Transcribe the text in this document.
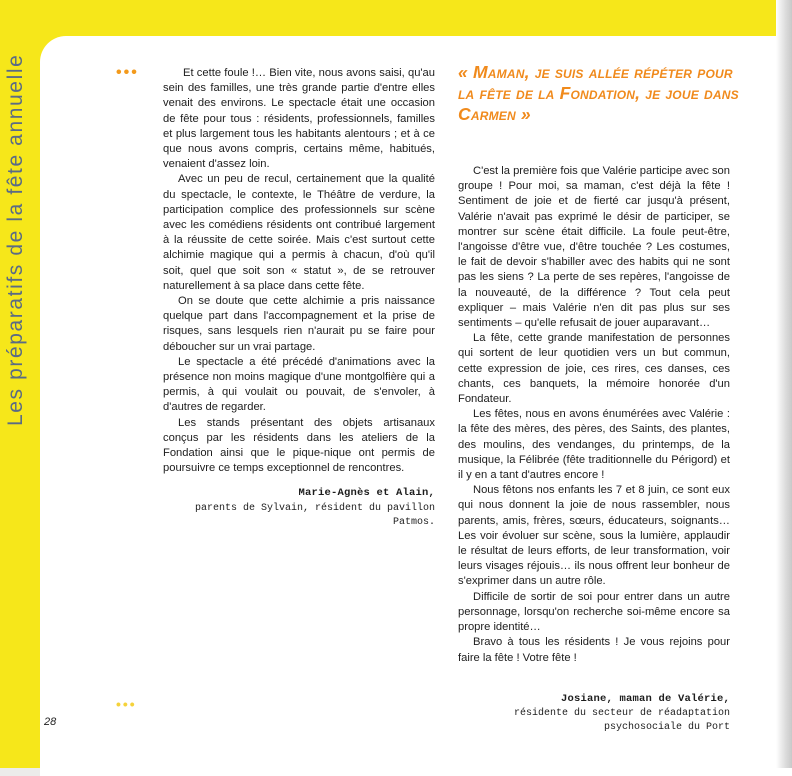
Les préparatifs de la fête annuelle	•••
•••
28

Et cette foule !… Bien vite, nous avons saisi, qu'au sein des familles, une très grande partie d'entre elles venait des environs. Le spectacle était une occasion de fête pour tous : résidents, professionnels, familles et plus largement tous les habitants alentours ; et à ce que nous avons compris, certains même, habitués, venaient d'assez loin.

Avec un peu de recul, certainement que la qualité du spectacle, le contexte, le Théâtre de verdure, la participation complice des professionnels sur scène avec les comédiens résidents ont contribué largement à la réussite de cette soirée. Mais c'est surtout cette alchimie magique qui a permis à chacun, d'où qu'il soit, quel que soit son « statut », de se retrouver naturellement à sa place dans cette fête.

On se doute que cette alchimie a pris naissance quelque part dans l'accompagnement et la prise de risques, sans lesquels rien n'aurait pu se faire pour déboucher sur un vrai partage.

Le spectacle a été précédé d'animations avec la présence non moins magique d'une montgolfière qui a permis, à qui voulait ou pouvait, de s'envoler, à d'autres de regarder.

Les stands présentant des objets artisanaux conçus par les résidents dans les ateliers de la Fondation ainsi que le pique-nique ont permis de poursuivre ce temps exceptionnel de rencontres.

Marie-Agnès et Alain,
parents de Sylvain, résident du pavillon Patmos.
« Maman, je suis allée répéter pour la fête de la Fondation, je joue dans Carmen »

C'est la première fois que Valérie participe avec son groupe ! Pour moi, sa maman, c'est déjà la fête ! Sentiment de joie et de fierté car jusqu'à présent, Valérie n'avait pas exprimé le désir de participer, se montrer sur scène était difficile. La foule peut-être, l'angoisse d'être vue, d'être touchée ? Les costumes, le fait de devoir s'habiller avec des habits qui ne sont pas les siens ? La perte de ses repères, l'angoisse de la nouveauté, de la différence ? Tout cela peut expliquer – mais Valérie n'en dit pas plus sur ses sentiments – qu'elle refusait de jouer auparavant…

La fête, cette grande manifestation de personnes qui sortent de leur quotidien vers un but commun, cette expression de joie, ces rires, ces danses, ces chants, ces banquets, la mémoire honorée d'un Fondateur.

Les fêtes, nous en avons énumérées avec Valérie : la fête des mères, des pères, des Saints, des plantes, des moulins, des vendanges, du printemps, de la musique, la Félibrée (fête traditionnelle du Périgord) et il y en a tant d'autres encore !

Nous fêtons nos enfants les 7 et 8 juin, ce sont eux qui nous donnent la joie de nous rassembler, nous parents, amis, frères, sœurs, éducateurs, soignants… Les voir évoluer sur scène, sous la lumière, applaudir le résultat de leurs efforts, de leur transformation, voir leurs visages réjouis… ils nous offrent leur bonheur de s'exprimer dans un autre rôle.

Difficile de sortir de soi pour entrer dans un autre personnage, lorsqu'on recherche soi-même encore sa propre identité…

Bravo à tous les résidents ! Je vous rejoins pour faire la fête ! Votre fête !

Josiane, maman de Valérie,
résidente du secteur de réadaptation
psychosociale du Port
